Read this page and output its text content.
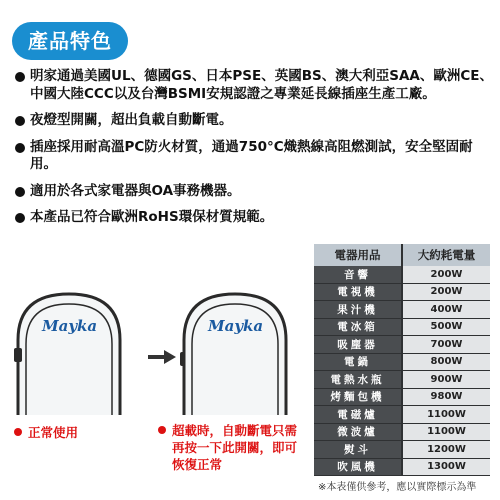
產品特色
明家通過美國UL、德國GS、日本PSE、英國BS、澳大利亞SAA、歐洲CE、中國大陸CCC以及台灣BSMI安規認證之專業延長線插座生產工廠。
夜燈型開關，超出負載自動斷電。
插座採用耐高溫PC防火材質，通過750°C熾熱線高阻燃測試，安全堅固耐用。
適用於各式家電器與OA事務機器。
本產品已符合歐洲RoHS環保材質規範。
Mayka	Mayka
正常使用	超載時，自動斷電只需
再按一下此開關，即可
恢復正常
電器用品	大約耗電量
音響	200W
電視機	200W
果汁機	400W
電冰箱	500W
吸塵器	700W
電鍋	800W
電熱水瓶	900W
烤麵包機	980W
電磁爐	1100W
微波爐	1100W
熨斗	1200W
吹風機	1300W
※本表僅供參考，應以實際標示為準
